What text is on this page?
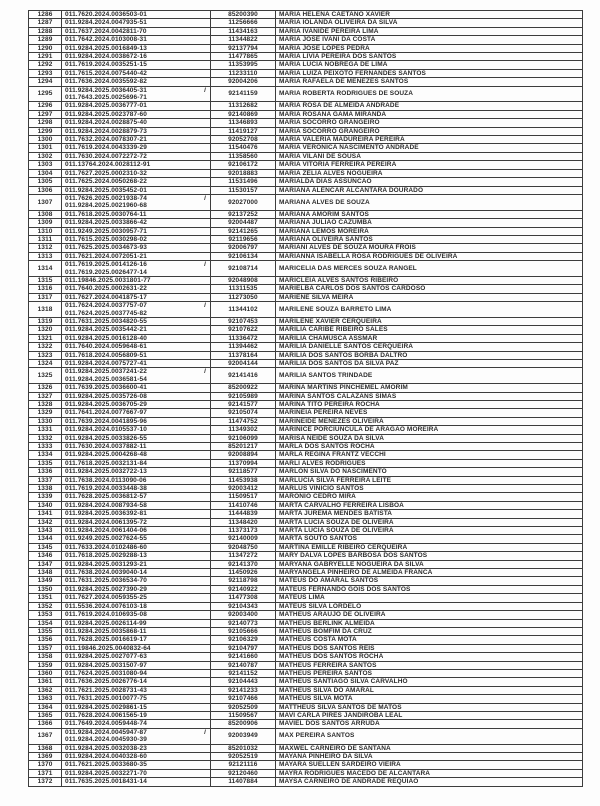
1286	011.7620.2024.0036503-01	85200390	MARIA HELENA CAETANO XAVIER
1287	011.9284.2024.0047935-51	11256666	MARIA IOLANDA OLIVEIRA DA SILVA
1288	011.7637.2024.0042811-70	11434163	MARIA IVANIDE PEREIRA LIMA
1289	011.7642.2024.0103008-31	11344822	MARIA JOSE IVANI DA COSTA
1290	011.9284.2025.0016849-13	92137794	MARIA JOSE LOPES PEDRA
1291	011.9284.2024.0038672-16	11477865	MARIA LIVIA PEREIRA DOS SANTOS
1292	011.7619.2024.0035251-15	11353995	MARIA LUCIA NOBREGA DE LIMA
1293	011.7615.2024.0075440-42	11233110	MARIA LUIZA PEIXOTO FERNANDES SANTOS
1294	011.7636.2024.0035592-82	92004206	MARIA RAFAELA DE MENEZES SANTOS
1295	011.9284.2025.0036405-31 /
011.7643.2025.0025696-71	92141159	MARIA ROBERTA RODRIGUES DE SOUZA
1296	011.9284.2025.0036777-01	11312682	MARIA ROSA DE ALMEIDA ANDRADE
1297	011.9284.2025.0023787-60	92140869	MARIA ROSANA GAMA MIRANDA
1298	011.9284.2024.0028875-40	11346893	MARIA SOCORRO GRANGEIRO
1299	011.9284.2024.0028879-73	11419127	MARIA SOCORRO GRANGEIRO
1300	011.7632.2024.0078307-21	92052708	MARIA VALERIA MADUREIRA PEREIRA
1301	011.7619.2024.0043339-29	11540476	MARIA VERONICA NASCIMENTO ANDRADE
1302	011.7630.2024.0072272-72	11358560	MARIA VILANI DE SOUSA
1303	011.13764.2024.0028112-91	92106172	MARIA VITORIA FERREIRA PEREIRA
1304	011.7627.2025.0002310-32	92018883	MARIA ZELIA ALVES NOGUEIRA
1305	011.7625.2024.0050268-22	11531496	MARIALDA DIAS ASSUNCAO
1306	011.9284.2025.0035452-01	11530157	MARIANA ALENCAR ALCANTARA DOURADO
1307	011.7626.2025.0021938-74 /
011.9284.2025.0021960-68	92027000	MARIANA ALVES DE SOUZA
1308	011.7618.2025.0030764-11	92137252	MARIANA AMORIM SANTOS
1309	011.9284.2025.0033866-42	92004487	MARIANA JULIAO CAZUMBA
1310	011.9249.2025.0030957-71	92141265	MARIANA LEMOS MOREIRA
1311	011.7615.2025.0030298-02	92119656	MARIANA OLIVEIRA SANTOS
1312	011.7625.2025.0034673-93	92006797	MARIANI ALVES DE SOUZA MOURA FROIS
1313	011.7621.2024.0072051-21	92106134	MARIANNA ISABELLA ROSA RODRIGUES DE OLIVEIRA
1314	011.7619.2025.0014126-16 /
011.7619.2025.0026477-14	92108714	MARICELIA DAS MERCES SOUZA RANGEL
1315	011.19846.2025.0031801-77	92048908	MARICLEIA ALVES SANTOS RIBEIRO
1316	011.7640.2025.0002631-22	11311535	MARIELBA CARLOS DOS SANTOS CARDOSO
1317	011.7627.2024.0041875-17	11273050	MARIENE SILVA MEIRA
1318	011.7624.2024.0037757-07 /
011.7624.2025.0037745-82	11344102	MARILENE SOUZA BARRETO LIMA
1319	011.7631.2025.0034820-55	92107453	MARILENE XAVIER CERQUEIRA
1320	011.9284.2025.0035442-21	92107622	MARILIA CARIBE RIBEIRO SALES
1321	011.9284.2025.0016128-40	11336472	MARILIA CHAMUSCA ASSMAR
1322	011.7640.2024.0059648-61	11394462	MARILIA DANIELLE SANTOS CERQUEIRA
1323	011.7618.2024.0056809-51	11378164	MARILIA DOS SANTOS BORBA DALTRO
1324	011.9284.2024.0075727-41	92004144	MARILIA DOS SANTOS DA SILVA PAZ
1325	011.9284.2025.0037241-22 /
011.9284.2025.0036581-54	92141416	MARILIA SANTOS TRINDADE
1326	011.7639.2025.0036600-41	85200922	MARINA MARTINS PINCHEMEL AMORIM
1327	011.9284.2025.0035726-08	92105989	MARINA SANTOS CALAZANS SIMAS
1328	011.9284.2025.0036705-29	92141577	MARINA TITO PEREIRA ROCHA
1329	011.7641.2024.0077667-97	92105074	MARINEIA PEREIRA NEVES
1330	011.7639.2024.0041895-96	11474752	MARINEIDE MENEZES OLIVEIRA
1331	011.9284.2024.0105537-10	11349302	MARINICE PORCIUNCULA DE ARAGAO MOREIRA
1332	011.9284.2025.0033826-55	92106099	MARISA NEIDE SOUZA DA SILVA
1333	011.7630.2024.0037882-11	85201217	MARLA DOS SANTOS ROCHA
1334	011.9284.2025.0004268-48	92008894	MARLA REGINA FRANTZ VECCHI
1335	011.7618.2025.0032131-84	11370994	MARLI ALVES RODRIGUES
1336	011.9284.2025.0032722-13	92118577	MARLON SILVA DO NASCIMENTO
1337	011.7638.2024.0113090-06	11453938	MARLUCIA SILVA FERREIRA LEITE
1338	011.7619.2024.0033448-38	92003412	MARLUS VINICIO SANTOS
1339	011.7628.2025.0036812-57	11509517	MARONIO CEDRO MIRA
1340	011.9284.2024.0087934-58	11410746	MARTA CARVALHO FERREIRA LISBOA
1341	011.9284.2025.0036392-81	11444839	MARTA JUREMA MENDES BATISTA
1342	011.9284.2024.0061395-72	11348420	MARTA LUCIA SOUZA DE OLIVEIRA
1343	011.9284.2024.0061404-06	11373173	MARTA LUCIA SOUZA DE OLIVEIRA
1344	011.9249.2025.0027624-55	92140009	MARTA SOUTO SANTOS
1345	011.7633.2024.0102486-60	92048750	MARTINA EMILLE RIBEIRO CERQUEIRA
1346	011.7618.2025.0029288-13	11347272	MARY DALVA LOPES BARBOSA DOS SANTOS
1347	011.9284.2025.0031293-21	92141370	MARYANA GABRYELLE NOGUEIRA DA SILVA
1348	011.7638.2024.0039040-14	11450926	MARYANGELA PINHEIRO DE ALMEIDA FRANCA
1349	011.7631.2025.0036534-70	92118798	MATEUS DO AMARAL SANTOS
1350	011.9284.2025.0027390-29	92140922	MATEUS FERNANDO GOIS DOS SANTOS
1351	011.7627.2024.0059355-25	11477308	MATEUS LIMA
1352	011.5536.2024.0076103-18	92104343	MATEUS SILVA LORDELO
1353	011.7619.2024.0106935-08	92003400	MATHEUS ARAUJO DE OLIVEIRA
1354	011.9284.2025.0026114-99	92140773	MATHEUS BERLINK ALMEIDA
1355	011.9284.2025.0035868-11	92105666	MATHEUS BOMFIM DA CRUZ
1356	011.7628.2025.0016619-17	92106329	MATHEUS COSTA MOTA
1357	011.19846.2025.0040832-64	92104797	MATHEUS DOS SANTOS REIS
1358	011.9284.2025.0027077-63	92141660	MATHEUS DOS SANTOS ROCHA
1359	011.9284.2025.0031507-97	92140787	MATHEUS FERREIRA SANTOS
1360	011.7624.2025.0031080-94	92141152	MATHEUS PEREIRA SANTOS
1361	011.7636.2025.0026776-14	92104443	MATHEUS SANTIAGO SILVA CARVALHO
1362	011.7621.2025.0028731-43	92141233	MATHEUS SILVA DO AMARAL
1363	011.7631.2025.0010077-75	92107466	MATHEUS SILVA MOTA
1364	011.9284.2025.0029861-15	92052509	MATTHEUS SILVA SANTOS DE MATOS
1365	011.7628.2024.0061565-19	11509567	MAVI CARLA PIRES JANDIROBA LEAL
1366	011.7649.2024.0059448-74	85200906	MAVIEL DOS SANTOS ARRUDA
1367	011.9284.2024.0045947-87 /
011.9284.2024.0045930-39	92003949	MAX PEREIRA SANTOS
1368	011.9284.2025.0032038-23	85201032	MAXWEL CARNEIRO DE SANTANA
1369	011.9284.2024.0040328-60	92052519	MAYANA PINHEIRO DA SILVA
1370	011.7621.2025.0033680-35	92121116	MAYARA SUELLEN SARDEIRO VIEIRA
1371	011.9284.2025.0032271-70	92120460	MAYRA RODRIGUES MACEDO DE ALCANTARA
1372	011.7635.2025.0018431-14	11407884	MAYSA CARNEIRO DE ANDRADE REQUIAO
